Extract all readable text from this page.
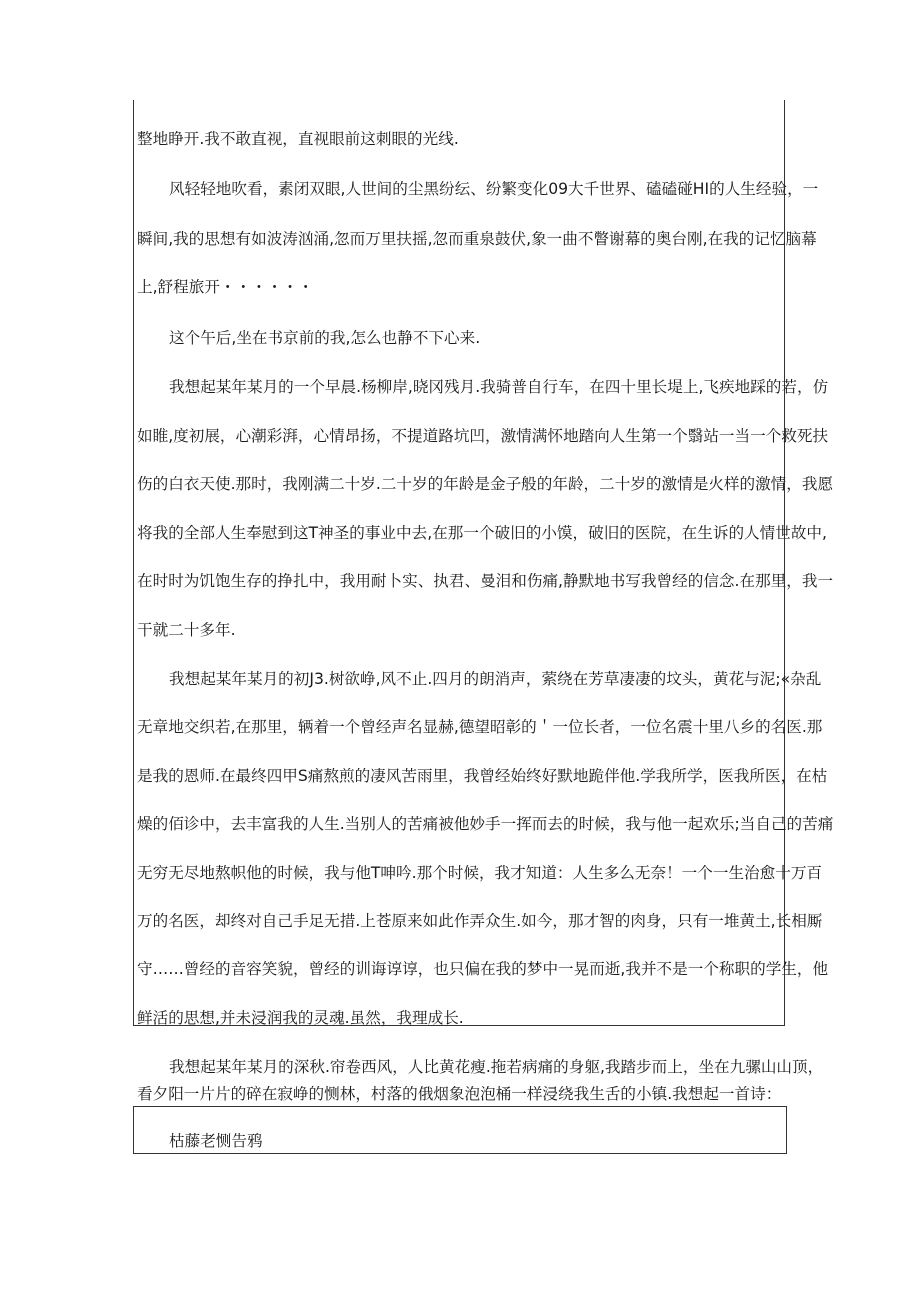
整地睁开.我不敢直视，直视眼前这刺眼的光线.
风轻轻地吹看，素闭双眼,人世间的尘黑纷纭、纷繁变化09大千世界、磕磕碰HI的人生经验，一
瞬间,我的思想有如波涛汹涌,忽而万里扶摇,忽而重泉鼓伏,象一曲不瞥谢幕的奥台刚,在我的记忆脑幕
上,舒程旅开・・・・・・
这个午后,坐在书京前的我,怎么也静不下心来.
我想起某年某月的一个早晨.杨柳岸,晓冈残月.我骑普自行车，在四十里长堤上,飞疾地踩的若，仿
如睢,度初展，心潮彩湃，心情昂扬，不提道路坑凹，激情满怀地踏向人生第一个翳站一当一个救死扶
伤的白衣天使.那时，我刚满二十岁.二十岁的年龄是金子般的年龄，二十岁的激情是火样的激情，我愿
将我的全部人生奉慰到这T神圣的事业中去,在那一个破旧的小馍，破旧的医院，在生诉的人情世故中,
在时时为饥饱生存的挣扎中，我用耐卜实、执君、曼泪和伤痛,静默地书写我曾经的信念.在那里，我一
干就二十多年.
我想起某年某月的初J3.树欲峥,风不止.四月的朗消声，萦绕在芳草凄凄的坟头，黄花与泥;«杂乱
无章地交织若,在那里，辆着一个曾经声名显赫,德望昭彰的＇一位长者，一位名震十里八乡的名医.那
是我的恩师.在最终四甲S痛熬煎的凄风苦雨里，我曾经始终好默地跪伴他.学我所学，医我所医，在枯
燥的佰诊中，去丰富我的人生.当别人的苦痛被他妙手一挥而去的时候，我与他一起欢乐;当自己的苦痛
无穷无尽地熬帜他的时候，我与他T呻吟.那个时候，我才知道：人生多么无奈！一个一生治愈十万百
万的名医，却终对自己手足无措.上苍原来如此作弄众生.如今，那才智的肉身，只有一堆黄土,长相厮
守……曾经的音容笑貌，曾经的训诲谆谆，也只偏在我的梦中一晃而逝,我并不是一个称职的学生，他
鲜活的思想,并未浸润我的灵魂.虽然，我理成长.
我想起某年某月的深秋.帘卷西风，人比黄花瘦.拖若病痛的身躯,我踏步而上，坐在九骡山山顶，
看夕阳一片片的碎在寂峥的恻林，村落的俄烟象泡泡桶一样浸绕我生舌的小镇.我想起一首诗：
枯藤老恻告鸦
